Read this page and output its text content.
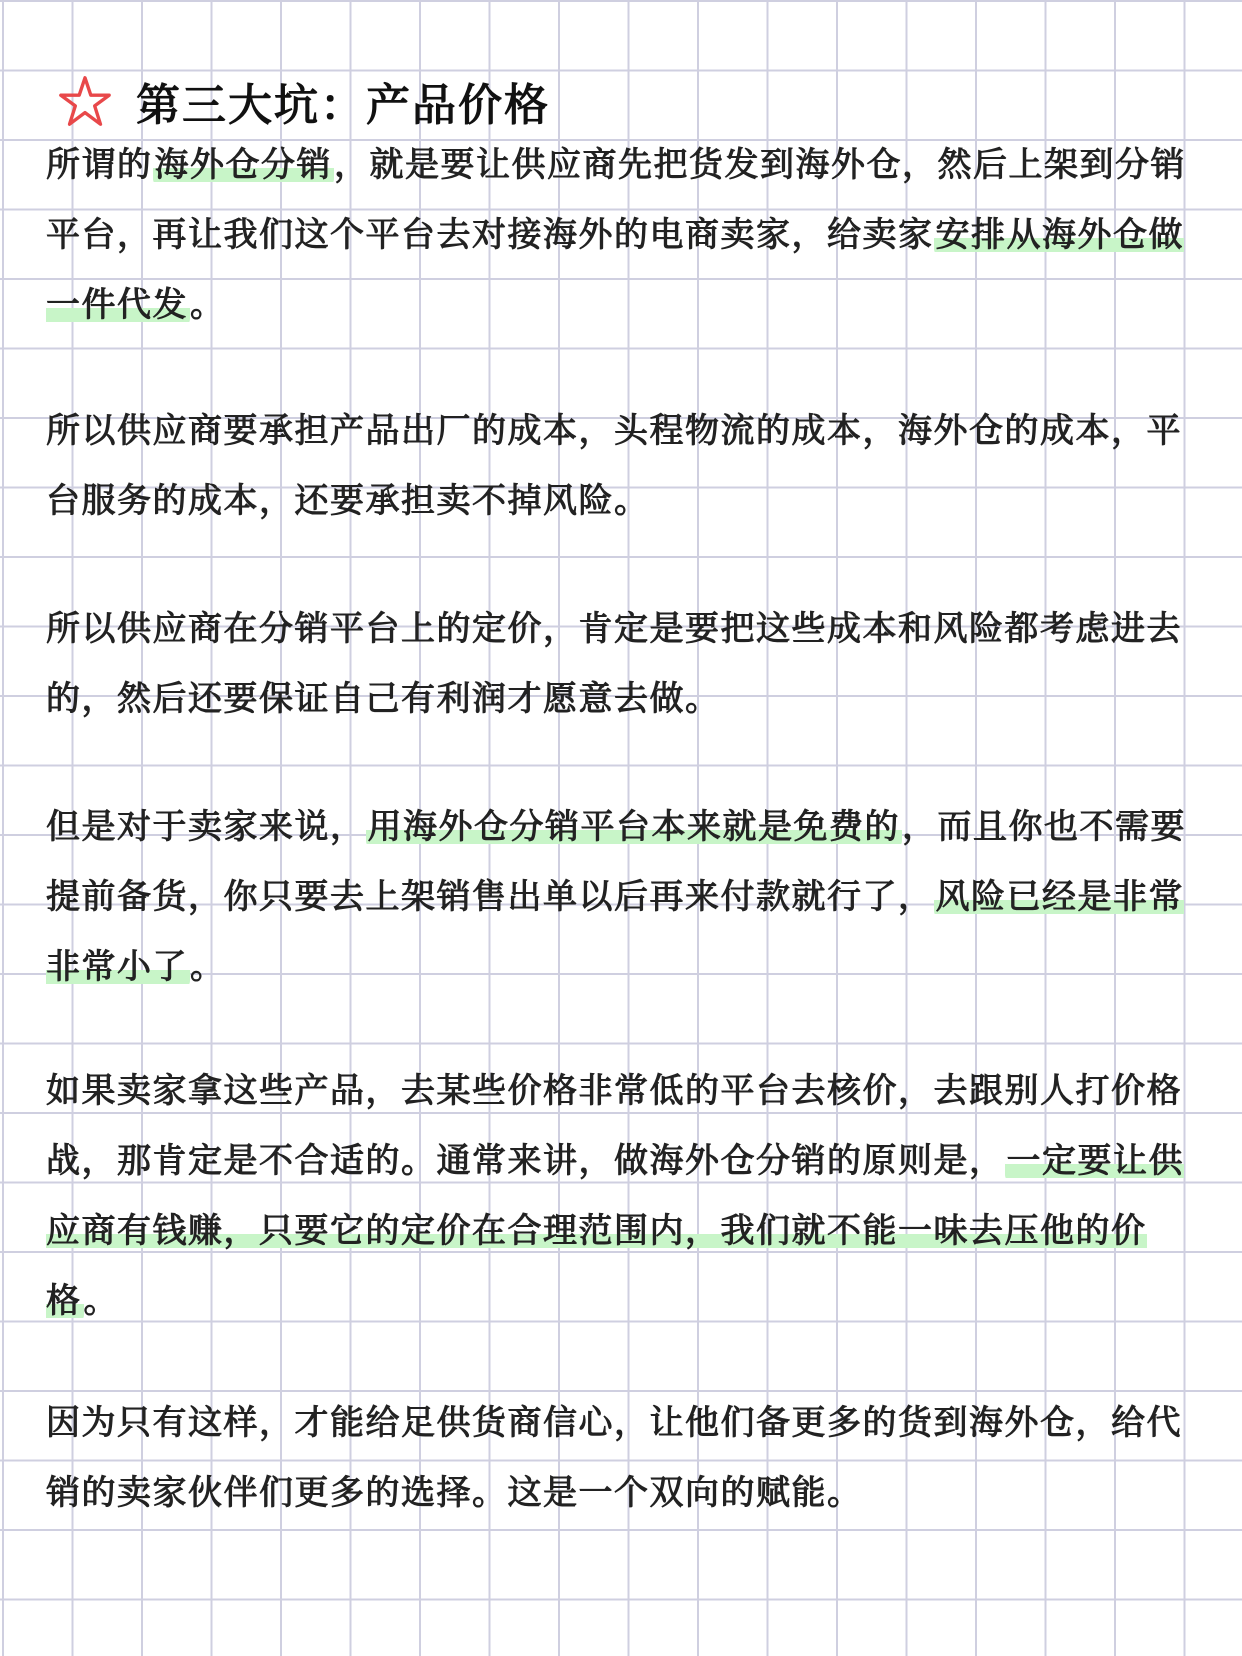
第三大坑：产品价格

所谓的海外仓分销，就是要让供应商先把货发到海外仓，然后上架到分销平台，再让我们这个平台去对接海外的电商卖家，给卖家安排从海外仓做一件代发。

所以供应商要承担产品出厂的成本，头程物流的成本，海外仓的成本，平台服务的成本，还要承担卖不掉风险。

所以供应商在分销平台上的定价，肯定是要把这些成本和风险都考虑进去的，然后还要保证自己有利润才愿意去做。

但是对于卖家来说，用海外仓分销平台本来就是免费的，而且你也不需要提前备货，你只要去上架销售出单以后再来付款就行了，风险已经是非常非常小了。

如果卖家拿这些产品，去某些价格非常低的平台去核价，去跟别人打价格战，那肯定是不合适的。通常来讲，做海外仓分销的原则是，一定要让供应商有钱赚，只要它的定价在合理范围内，我们就不能一味去压他的价格。

因为只有这样，才能给足供货商信心，让他们备更多的货到海外仓，给代销的卖家伙伴们更多的选择。这是一个双向的赋能。
